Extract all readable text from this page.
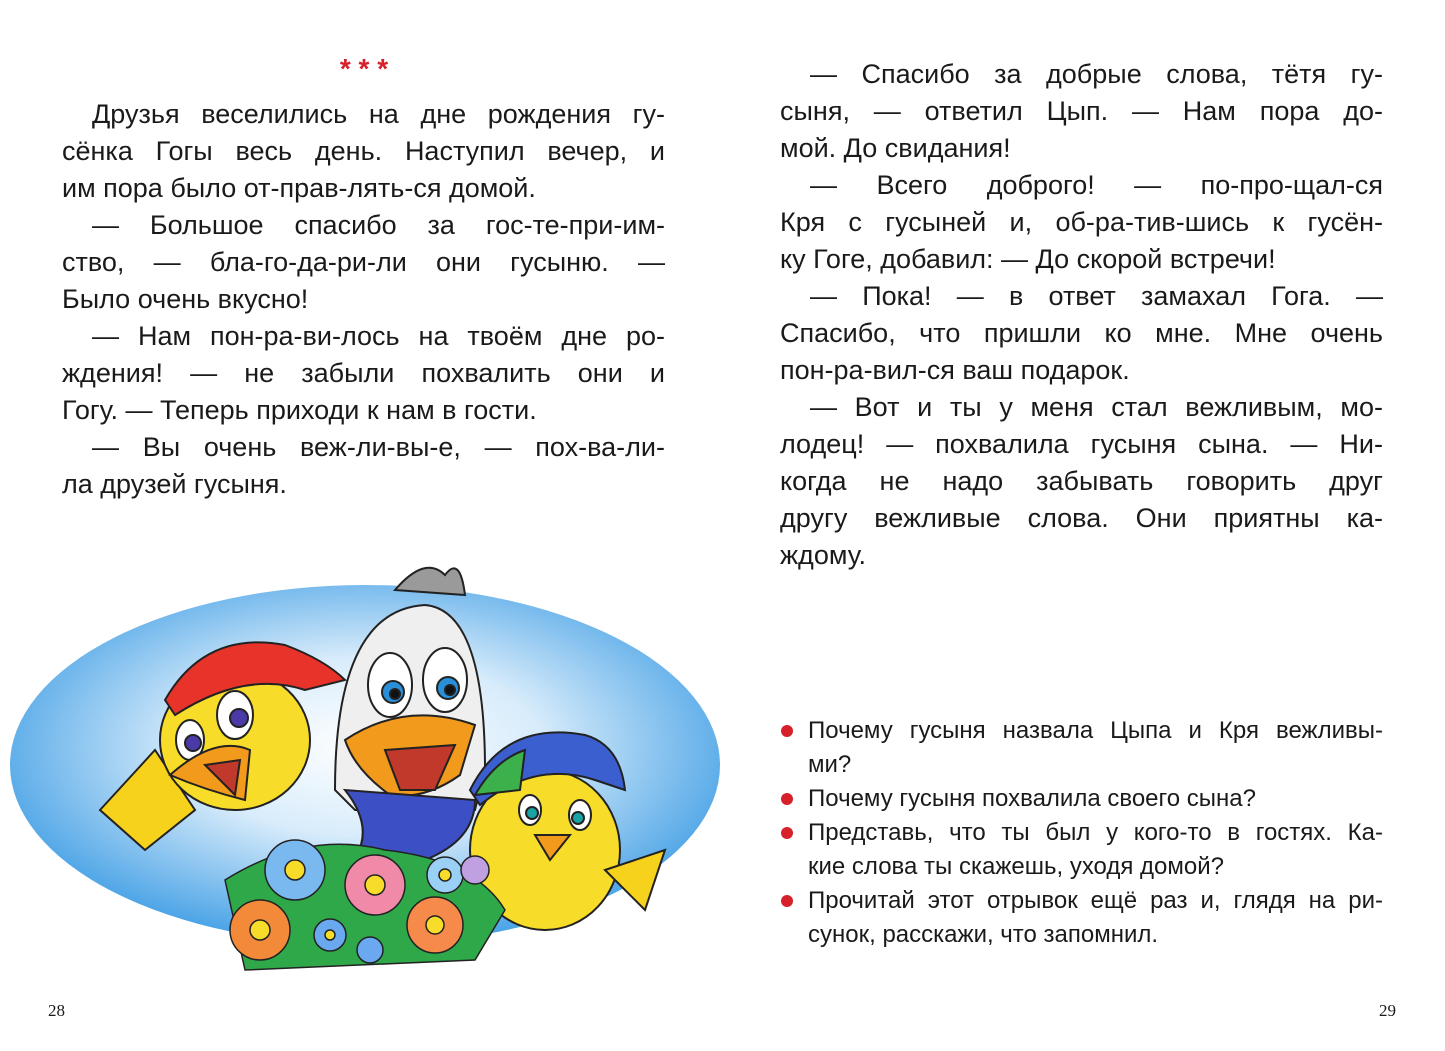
* * *
Друзья веселились на дне рождения гу-
сёнка Гогы весь день. Наступил вечер, и
им пора было от-прав-лять-ся домой.
— Большое спасибо за гос-те-при-им-
ство, — бла-го-да-ри-ли они гусыню. —
Было очень вкусно!
— Нам пон-ра-ви-лось на твоём дне ро-
ждения! — не забыли похвалить они и
Гогу. — Теперь приходи к нам в гости.
— Вы очень веж-ли-вы-е, — пох-ва-ли-
ла друзей гусыня.
— Спасибо за добрые слова, тётя гу-
сыня, — ответил Цып. — Нам пора до-
мой. До свидания!
— Всего доброго! — по-про-щал-ся
Кря с гусыней и, об-ра-тив-шись к гусён-
ку Гоге, добавил: — До скорой встречи!
— Пока! — в ответ замахал Гога. —
Спасибо, что пришли ко мне. Мне очень
пон-ра-вил-ся ваш подарок.
— Вот и ты у меня стал вежливым, мо-
лодец! — похвалила гусыня сына. — Ни-
когда не надо забывать говорить друг
другу вежливые слова. Они приятны ка-
ждому.
Почему гусыня назвала Цыпа и Кря вежливы-
ми?
Почему гусыня похвалила своего сына?
Представь, что ты был у кого-то в гостях. Ка-
кие слова ты скажешь, уходя домой?
Прочитай этот отрывок ещё раз и, глядя на ри-
сунок, расскажи, что запомнил.
28	29
